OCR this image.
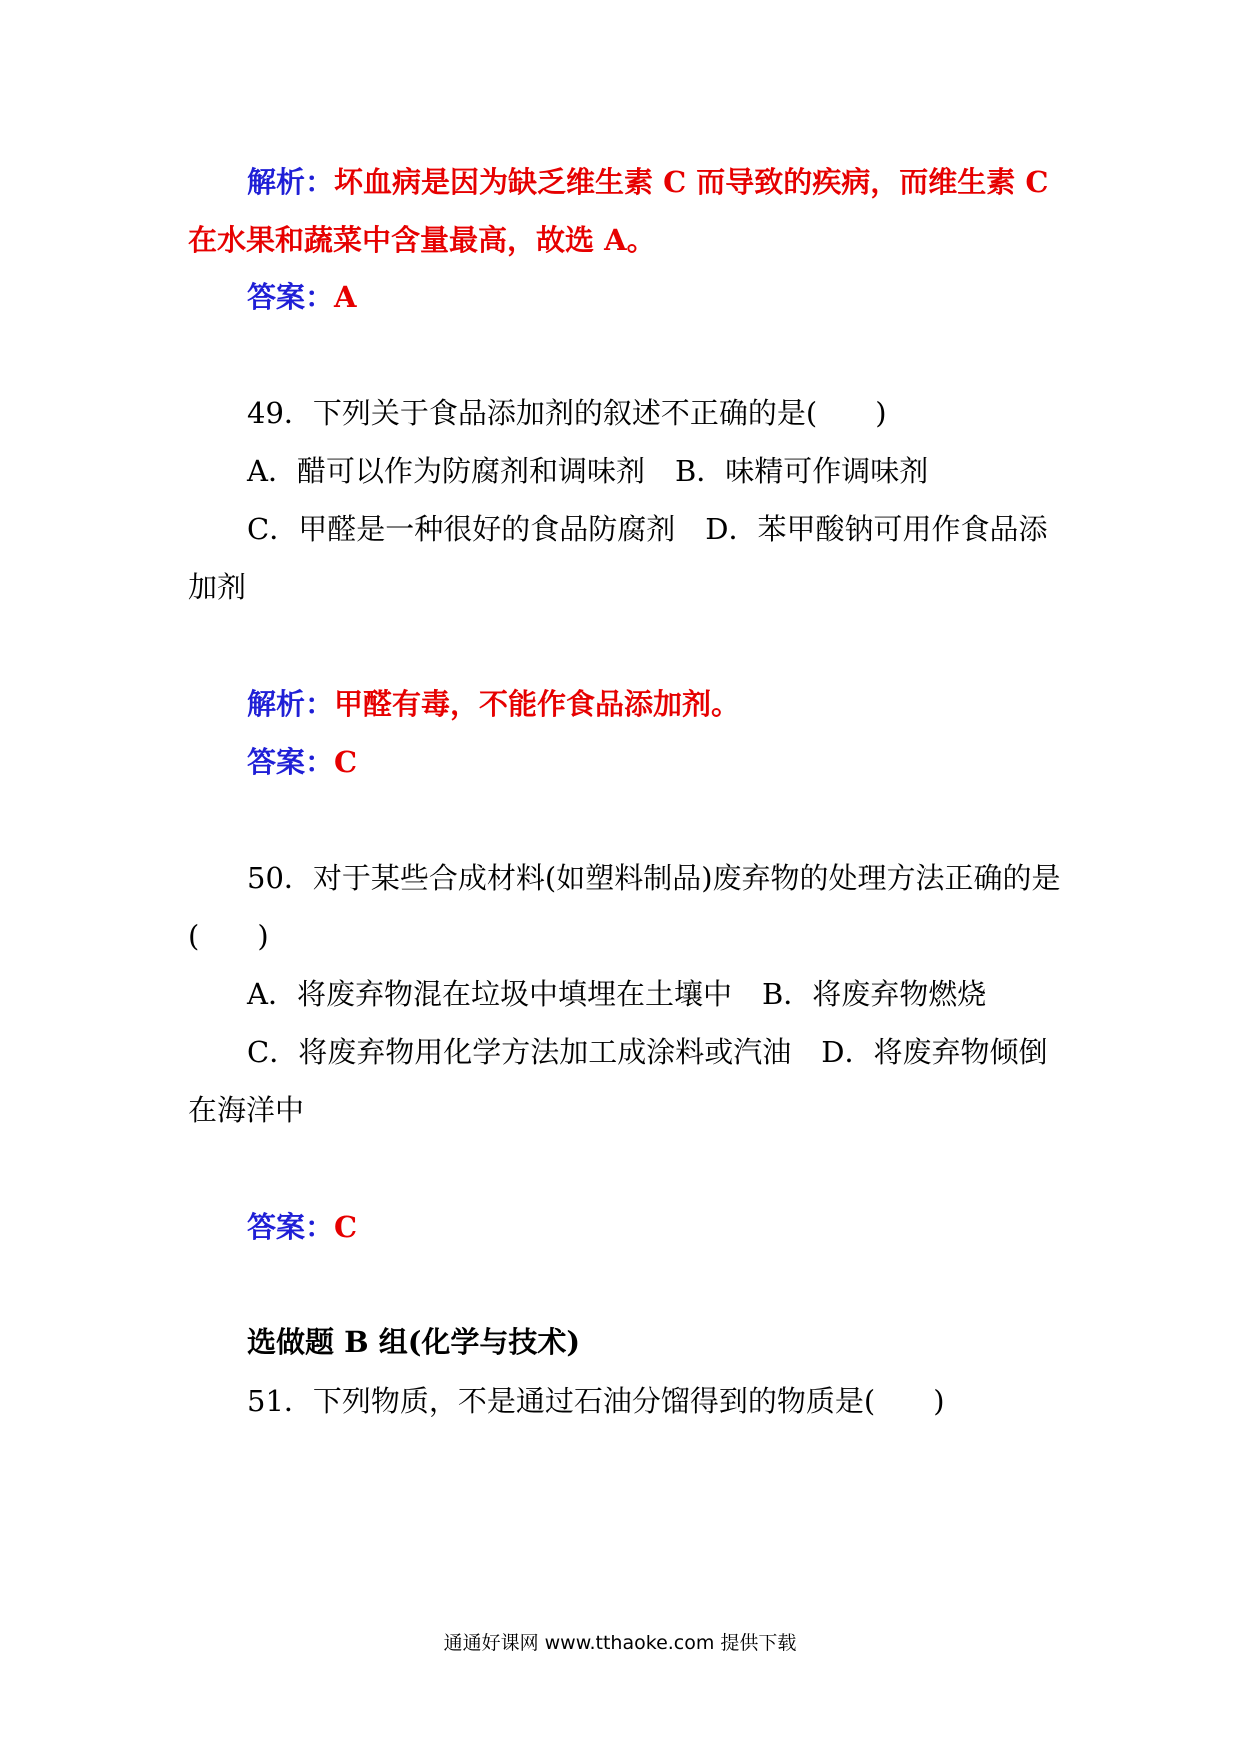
解析：坏血病是因为缺乏维生素 C 而导致的疾病，而维生素 C
在水果和蔬菜中含量最高，故选 A。
答案：A
49．下列关于食品添加剂的叙述不正确的是(　　)
A．醋可以作为防腐剂和调味剂 B．味精可作调味剂
C．甲醛是一种很好的食品防腐剂 D．苯甲酸钠可用作食品添
加剂
解析：甲醛有毒，不能作食品添加剂。
答案：C
50．对于某些合成材料(如塑料制品)废弃物的处理方法正确的是
(　　)
A．将废弃物混在垃圾中填埋在土壤中 B．将废弃物燃烧
C．将废弃物用化学方法加工成涂料或汽油 D．将废弃物倾倒
在海洋中
答案：C
选做题 B 组(化学与技术)
51．下列物质，不是通过石油分馏得到的物质是(　　)
通通好课网 www.tthaoke.com 提供下载
